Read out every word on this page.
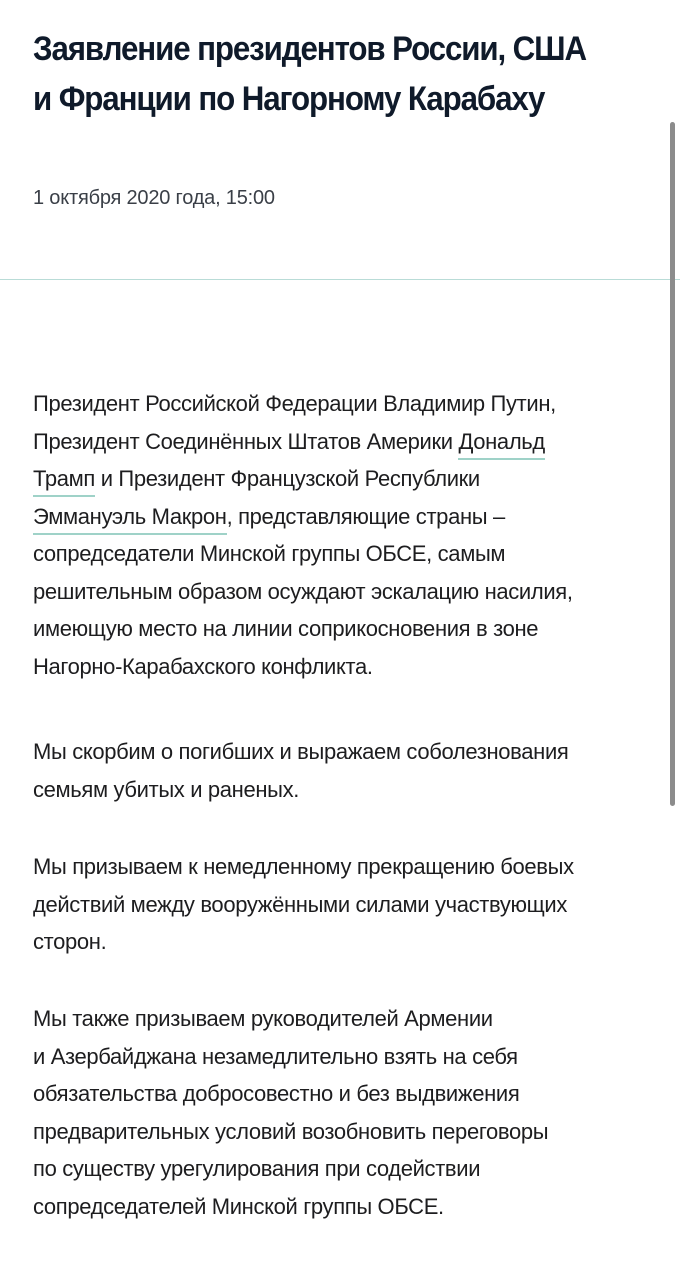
Заявление президентов России, США
и Франции по Нагорному Карабаху
1 октября 2020 года, 15:00

Президент Российской Федерации Владимир Путин,
Президент Соединённых Штатов Америки Дональд
Трамп и Президент Французской Республики
Эммануэль Макрон, представляющие страны –
сопредседатели Минской группы ОБСЕ, самым
решительным образом осуждают эскалацию насилия,
имеющую место на линии соприкосновения в зоне
Нагорно-Карабахского конфликта.

Мы скорбим о погибших и выражаем соболезнования
семьям убитых и раненых.

Мы призываем к немедленному прекращению боевых
действий между вооружёнными силами участвующих
сторон.

Мы также призываем руководителей Армении
и Азербайджана незамедлительно взять на себя
обязательства добросовестно и без выдвижения
предварительных условий возобновить переговоры
по существу урегулирования при содействии
сопредседателей Минской группы ОБСЕ.
